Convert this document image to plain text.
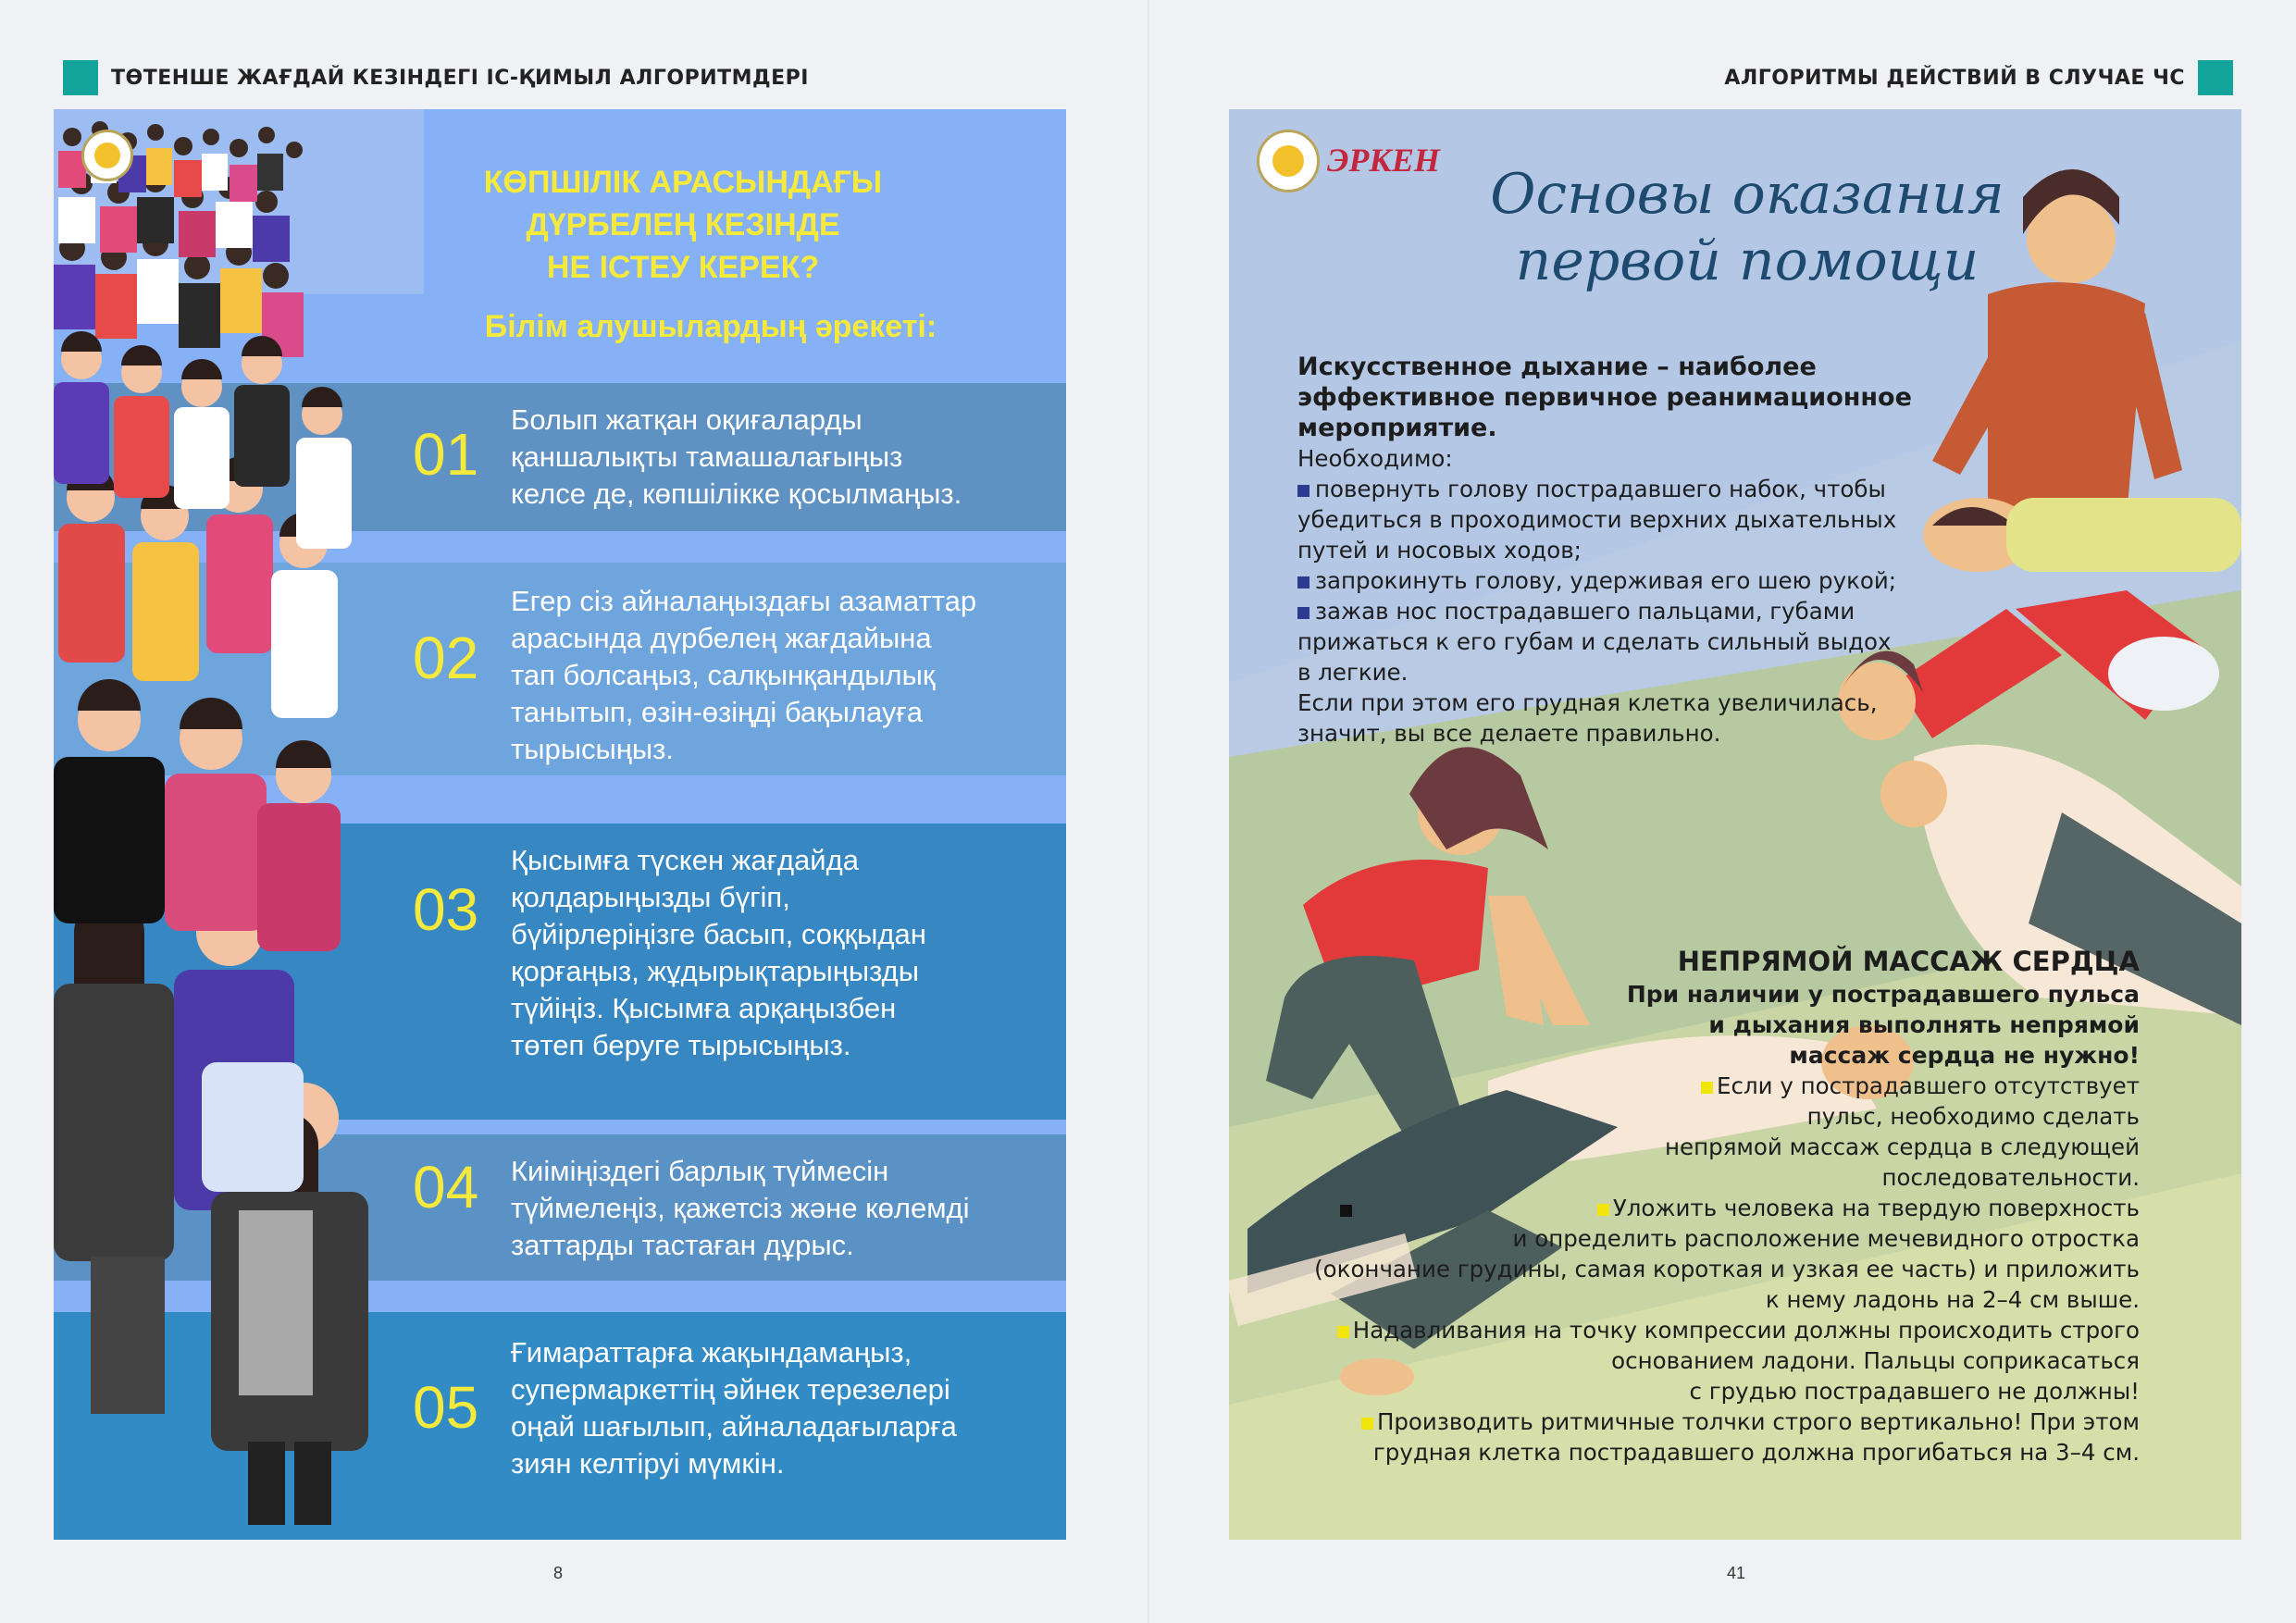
ТӨТЕНШЕ ЖАҒДАЙ КЕЗІНДЕГІ ІС-ҚИМЫЛ АЛГОРИТМДЕРІ	АЛГОРИТМЫ ДЕЙСТВИЙ В СЛУЧАЕ ЧС
КӨПШІЛІК АРАСЫНДАҒЫ
ДҮРБЕЛЕҢ КЕЗІНДЕ
НЕ ІСТЕУ КЕРЕК?
Білім алушылардың әрекеті:
01
Болып жатқан оқиғаларды
қаншалықты тамашалағыңыз
келсе де, көпшілікке қосылмаңыз.
02
Егер сіз айналаңыздағы азаматтар
арасында дүрбелең жағдайына
тап болсаңыз, салқынқандылық
танытып, өзін-өзіңді бақылауға
тырысыңыз.
03
Қысымға түскен жағдайда
қолдарыңызды бүгіп,
бүйірлеріңізге басып, соққыдан
қорғаңыз, жұдырықтарыңызды
түйіңіз. Қысымға арқаңызбен
төтеп беруге тырысыңыз.
04 Киіміңіздегі барлық түймесін
түймелеңіз, қажетсіз және көлемді
заттарды тастаған дұрыс.
05
Ғимараттарға жақындамаңыз,
супермаркеттің әйнек терезелері
оңай шағылып, айналадағыларға
зиян келтіруі мүмкін.
8
ЭРКЕН
Основы оказания
первой помощи
Искусственное дыхание – наиболее
эффективное первичное реанимационное
мероприятие.
Необходимо:
повернуть голову пострадавшего набок, чтобы
убедиться в проходимости верхних дыхательных
путей и носовых ходов;
запрокинуть голову, удерживая его шею рукой;
зажав нос пострадавшего пальцами, губами
прижаться к его губам и сделать сильный выдох
в легкие.
Если при этом его грудная клетка увеличилась,
значит, вы все делаете правильно.
НЕПРЯМОЙ МАССАЖ СЕРДЦА
При наличии у пострадавшего пульса
и дыхания выполнять непрямой
массаж сердца не нужно!
Если у пострадавшего отсутствует
пульс, необходимо сделать
непрямой массаж сердца в следующей
последовательности.
Уложить человека на твердую поверхность
и определить расположение мечевидного отростка
(окончание грудины, самая короткая и узкая ее часть) и приложить
к нему ладонь на 2–4 см выше.
Надавливания на точку компрессии должны происходить строго
основанием ладони. Пальцы соприкасаться
с грудью пострадавшего не должны!
Производить ритмичные толчки строго вертикально! При этом
грудная клетка пострадавшего должна прогибаться на 3–4 см.
41
